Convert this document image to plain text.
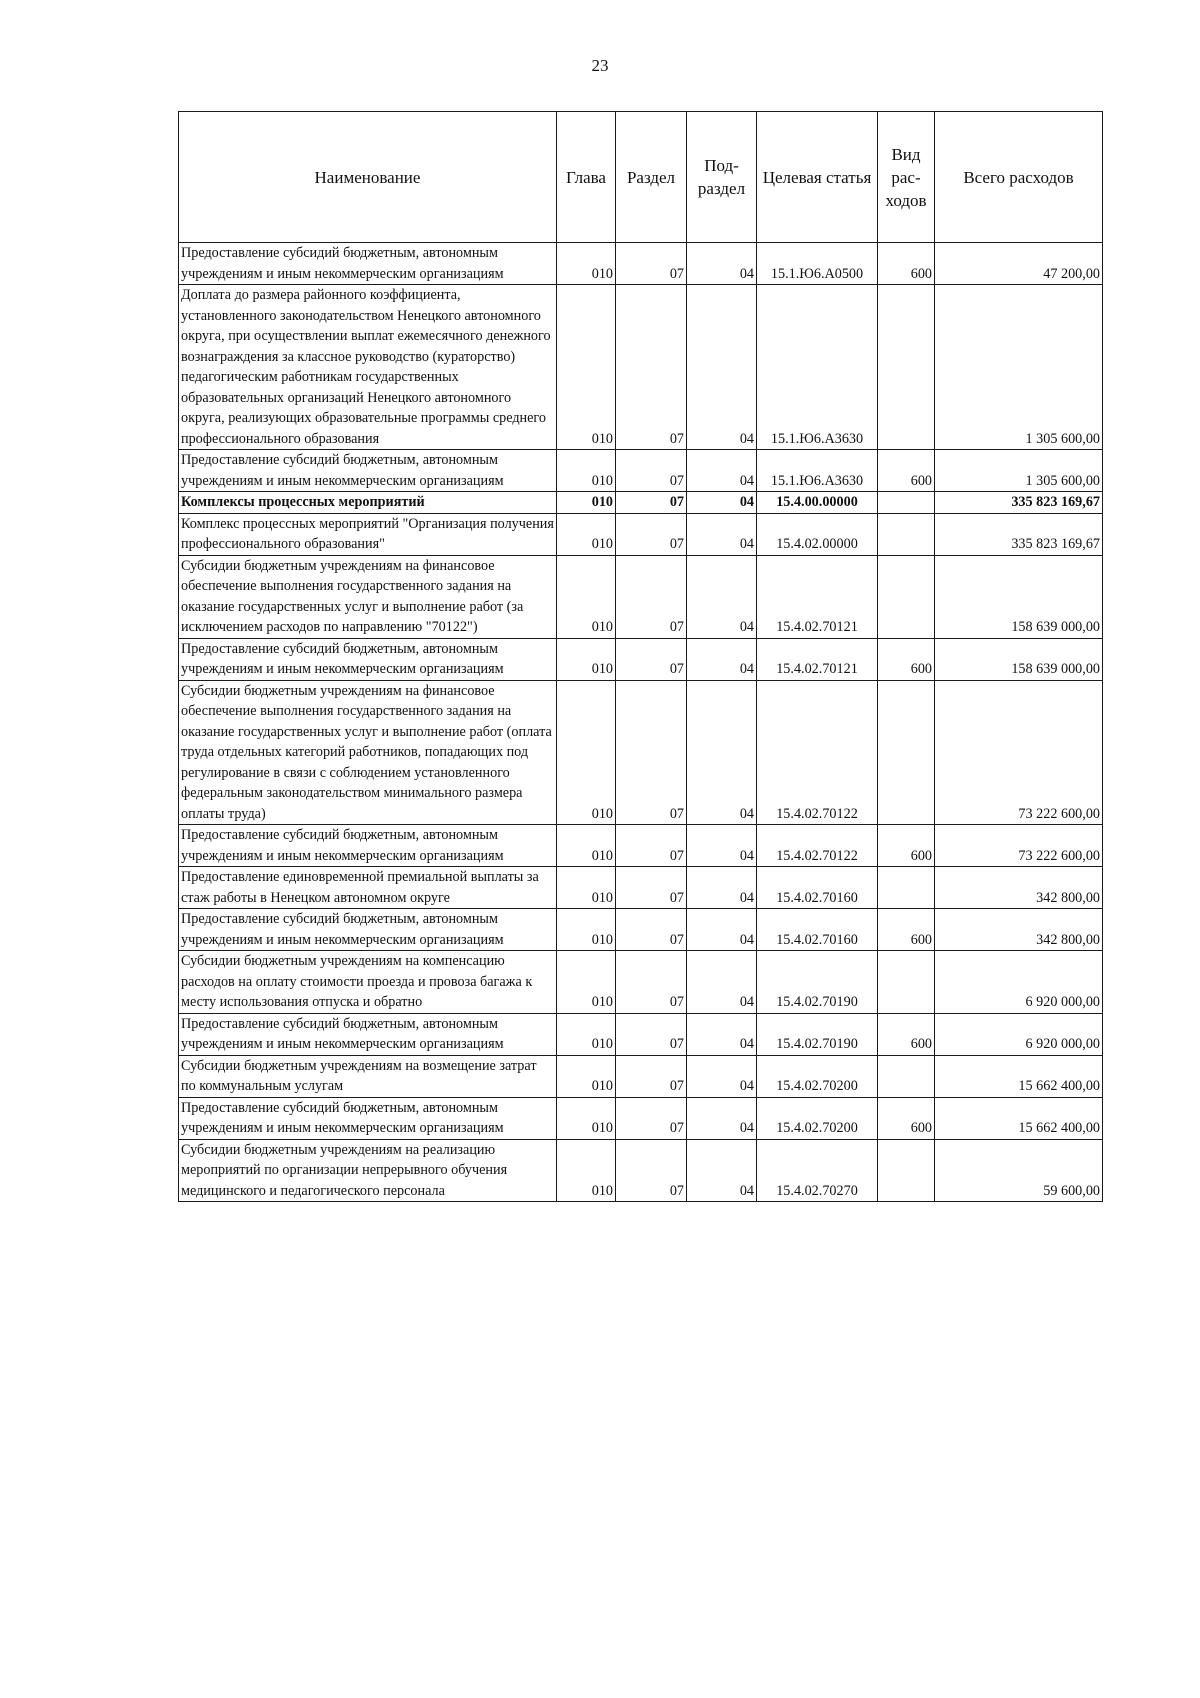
23
Наименование	Глава	Раздел	Под-раздел	Целевая статья	Вид рас-ходов	Всего расходов
Предоставление субсидий бюджетным, автономным учреждениям и иным некоммерческим организациям	010	07	04	15.1.Ю6.А0500	600	47 200,00
Доплата до размера районного коэффициента, установленного законодательством Ненецкого автономного округа, при осуществлении выплат ежемесячного денежного вознаграждения за классное руководство (кураторство) педагогическим работникам государственных образовательных организаций Ненецкого автономного округа, реализующих образовательные программы среднего профессионального образования	010	07	04	15.1.Ю6.А3630		1 305 600,00
Предоставление субсидий бюджетным, автономным учреждениям и иным некоммерческим организациям	010	07	04	15.1.Ю6.А3630	600	1 305 600,00
Комплексы процессных мероприятий	010	07	04	15.4.00.00000		335 823 169,67
Комплекс процессных мероприятий "Организация получения профессионального образования"	010	07	04	15.4.02.00000		335 823 169,67
Субсидии бюджетным учреждениям на финансовое обеспечение выполнения государственного задания на оказание государственных услуг и выполнение работ (за исключением расходов по направлению "70122")	010	07	04	15.4.02.70121		158 639 000,00
Предоставление субсидий бюджетным, автономным учреждениям и иным некоммерческим организациям	010	07	04	15.4.02.70121	600	158 639 000,00
Субсидии бюджетным учреждениям на финансовое обеспечение выполнения государственного задания на оказание государственных услуг и выполнение работ (оплата труда отдельных категорий работников, попадающих под регулирование в связи с соблюдением установленного федеральным законодательством минимального размера оплаты труда)	010	07	04	15.4.02.70122		73 222 600,00
Предоставление субсидий бюджетным, автономным учреждениям и иным некоммерческим организациям	010	07	04	15.4.02.70122	600	73 222 600,00
Предоставление единовременной премиальной выплаты за стаж работы в Ненецком автономном округе	010	07	04	15.4.02.70160		342 800,00
Предоставление субсидий бюджетным, автономным учреждениям и иным некоммерческим организациям	010	07	04	15.4.02.70160	600	342 800,00
Субсидии бюджетным учреждениям на компенсацию расходов на оплату стоимости проезда и провоза багажа к месту использования отпуска и обратно	010	07	04	15.4.02.70190		6 920 000,00
Предоставление субсидий бюджетным, автономным учреждениям и иным некоммерческим организациям	010	07	04	15.4.02.70190	600	6 920 000,00
Субсидии бюджетным учреждениям на возмещение затрат по коммунальным услугам	010	07	04	15.4.02.70200		15 662 400,00
Предоставление субсидий бюджетным, автономным учреждениям и иным некоммерческим организациям	010	07	04	15.4.02.70200	600	15 662 400,00
Субсидии бюджетным учреждениям на реализацию мероприятий по организации непрерывного обучения медицинского и педагогического персонала	010	07	04	15.4.02.70270		59 600,00
